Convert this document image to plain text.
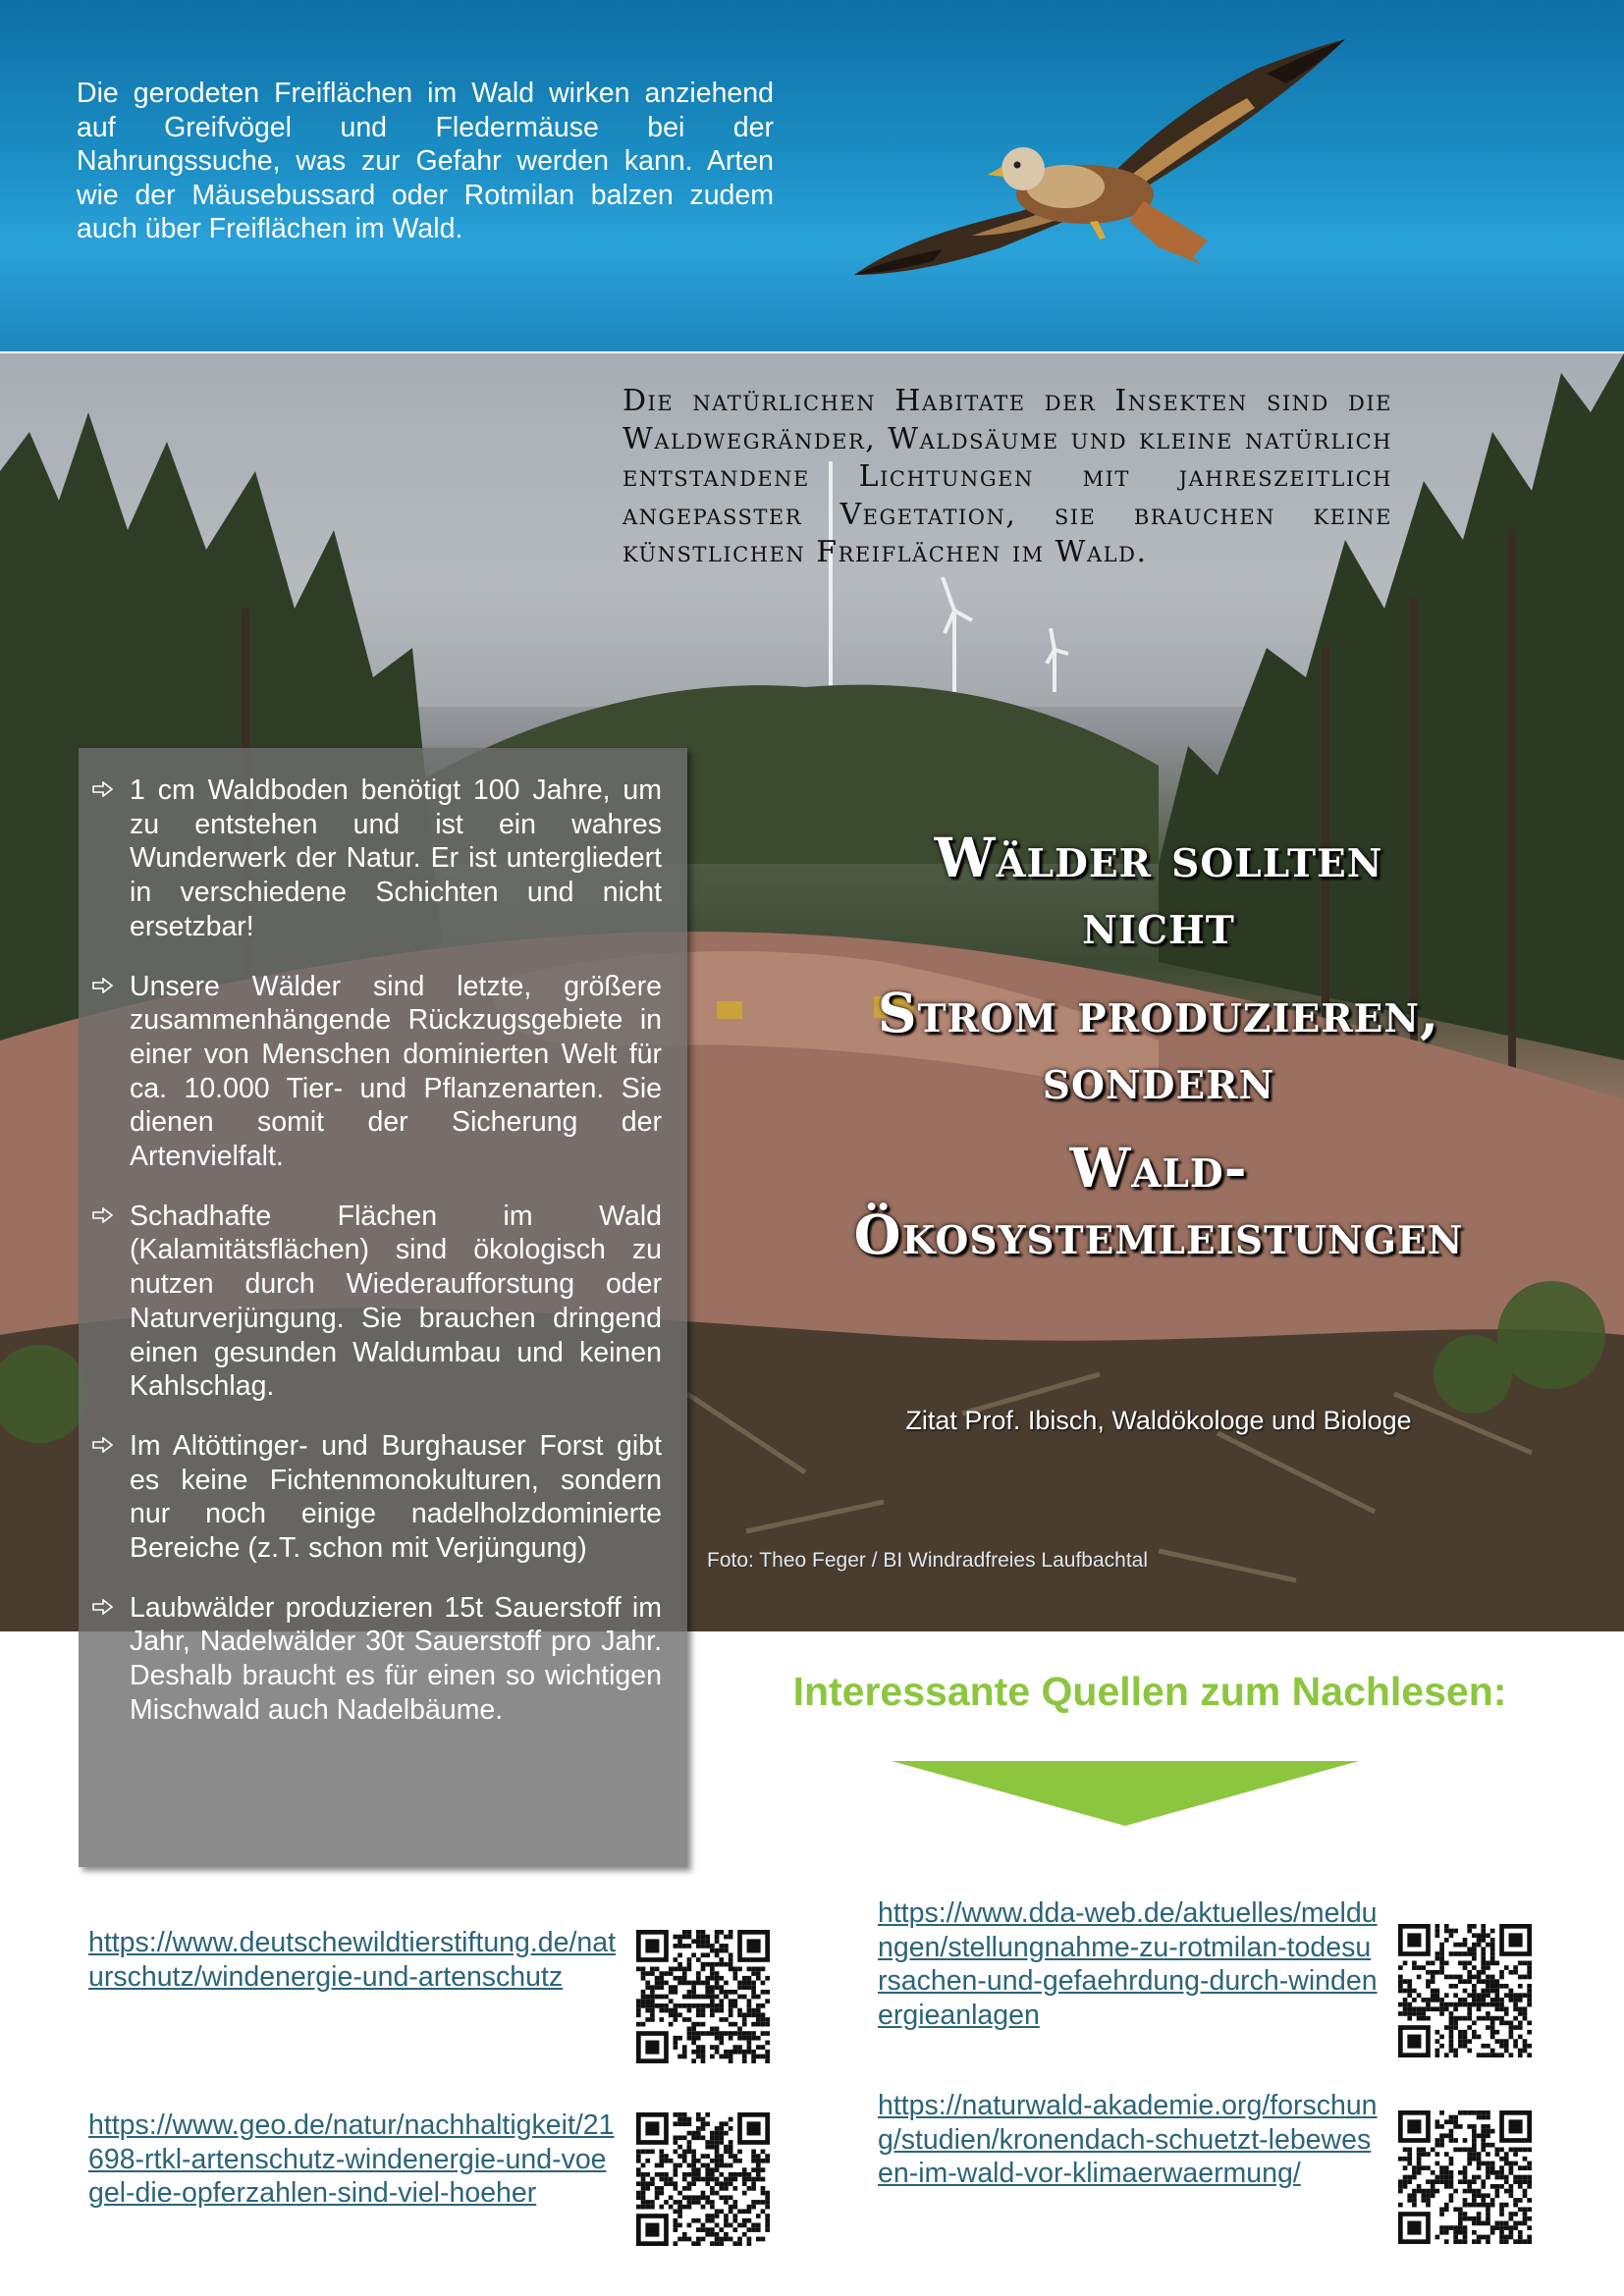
Die gerodeten Freiflächen im Wald wirken anziehend auf Greifvögel und Fledermäuse bei der Nahrungssuche, was zur Gefahr werden kann. Arten wie der Mäusebussard oder Rotmilan balzen zudem auch über Freiflächen im Wald.
Die natürlichen Habitate der Insekten sind die Waldwegränder, Waldsäume und kleine natürlich entstandene Lichtungen mit jahreszeitlich angepasster Vegetation, sie brauchen keine künstlichen Freiflächen im Wald.
Wälder sollten
nicht
Strom produzieren,
sondern
Wald-
Ökosystemleistungen
Zitat Prof. Ibisch, Waldökologe und Biologe
Foto: Theo Feger / BI Windradfreies Laufbachtal
1 cm Waldboden benötigt 100 Jahre, um zu entstehen und ist ein wahres Wunderwerk der Natur. Er ist untergliedert in verschiedene Schichten und nicht ersetzbar!
Unsere Wälder sind letzte, größere zusammenhängende Rückzugsgebiete in einer von Menschen dominierten Welt für ca. 10.000 Tier- und Pflanzenarten. Sie dienen somit der Sicherung der Artenvielfalt.
Schadhafte Flächen im Wald (Kalamitätsflächen) sind ökologisch zu nutzen durch Wiederaufforstung oder Naturverjüngung. Sie brauchen dringend einen gesunden Waldumbau und keinen Kahlschlag.
Im Altöttinger- und Burghauser Forst gibt es keine Fichtenmonokulturen, sondern nur noch einige nadelholzdominierte Bereiche (z.T. schon mit Verjüngung)
Laubwälder produzieren 15t Sauerstoff im Jahr, Nadelwälder 30t Sauerstoff pro Jahr. Deshalb braucht es für einen so wichtigen Mischwald auch Nadelbäume.	Interessante Quellen zum Nachlesen:
https://www.deutschewildtierstiftung.de/naturschutz/windenergie-und-artenschutz
https://www.geo.de/natur/nachhaltigkeit/21698-rtkl-artenschutz-windenergie-und-voegel-die-opferzahlen-sind-viel-hoeher
https://www.dda-web.de/aktuelles/meldungen/stellungnahme-zu-rotmilan-todesursachen-und-gefaehrdung-durch-windenergieanlagen
https://naturwald-akademie.org/forschung/studien/kronendach-schuetzt-lebewesen-im-wald-vor-klimaerwaermung/
